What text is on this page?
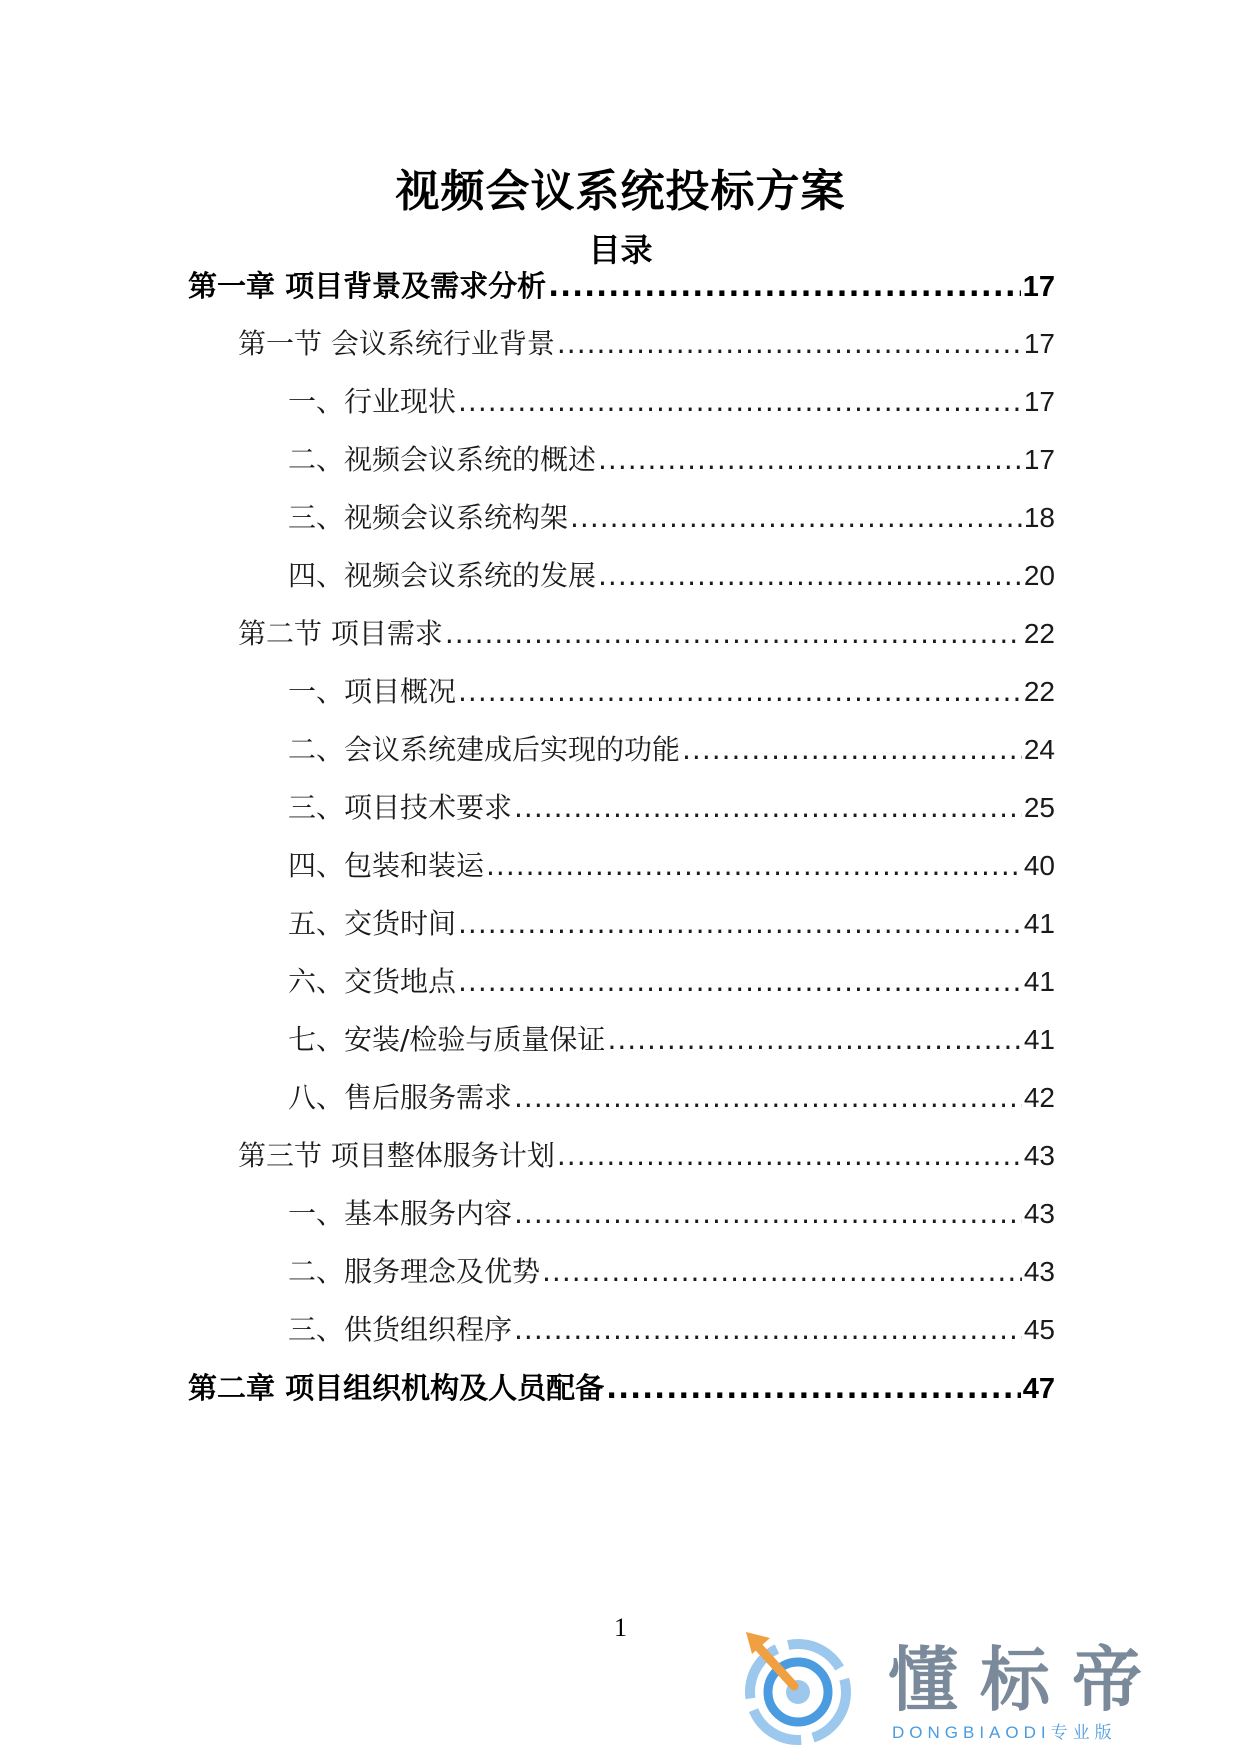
视频会议系统投标方案
目录
第一章 项目背景及需求分析 .....	17
第一节 会议系统行业背景 .....	17
一、行业现状 .....	17
二、视频会议系统的概述 .....	17
三、视频会议系统构架 .....	18
四、视频会议系统的发展 .....	20
第二节 项目需求 .....	22
一、项目概况 .....	22
二、会议系统建成后实现的功能 .....	24
三、项目技术要求 .....	25
四、包装和装运 .....	40
五、交货时间 .....	41
六、交货地点 .....	41
七、安装/检验与质量保证 .....	41
八、售后服务需求 .....	42
第三节 项目整体服务计划 .....	43
一、基本服务内容 .....	43
二、服务理念及优势 .....	43
三、供货组织程序 .....	45
第二章 项目组织机构及人员配备 .....	47
1
懂标帝
DONGBIAODI专业版
